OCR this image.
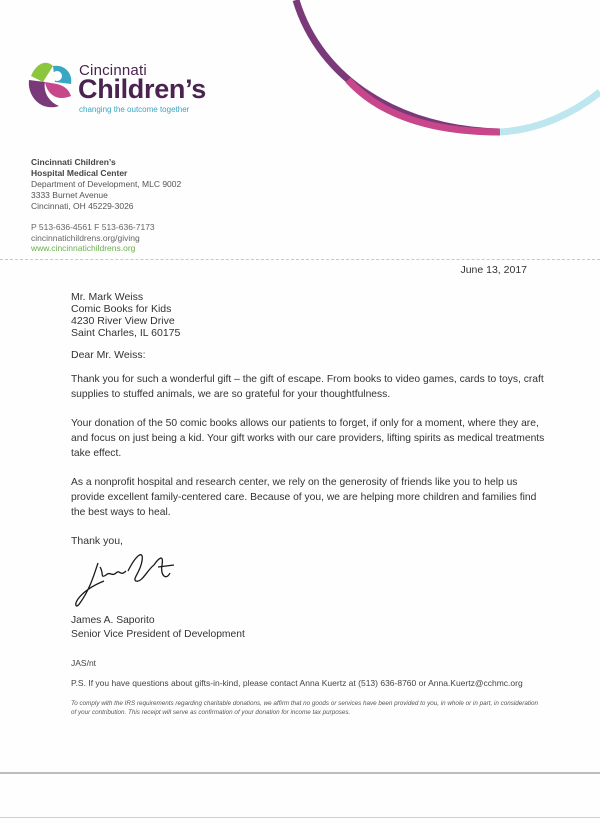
Cincinnati
Children’s
changing the outcome together
Cincinnati Children’s
Hospital Medical Center
Department of Development, MLC 9002
3333 Burnet Avenue
Cincinnati, OH 45229-3026
P 513-636-4561 F 513-636-7173
cincinnatichildrens.org/giving
www.cincinnatichildrens.org
June 13, 2017
Mr. Mark Weiss
Comic Books for Kids
4230 River View Drive
Saint Charles, IL 60175
Dear Mr. Weiss:

Thank you for such a wonderful gift – the gift of escape. From books to video games, cards to toys, craft supplies to stuffed animals, we are so grateful for your thoughtfulness.

Your donation of the 50 comic books allows our patients to forget, if only for a moment, where they are, and focus on just being a kid. Your gift works with our care providers, lifting spirits as medical treatments take effect.

As a nonprofit hospital and research center, we rely on the generosity of friends like you to help us provide excellent family-centered care. Because of you, we are helping more children and families find the best ways to heal.

Thank you,
James A. Saporito
Senior Vice President of Development
JAS/nt
P.S. If you have questions about gifts-in-kind, please contact Anna Kuertz at (513) 636-8760 or Anna.Kuertz@cchmc.org
To comply with the IRS requirements regarding charitable donations, we affirm that no goods or services have been provided to you, in whole or in part, in consideration of your contribution. This receipt will serve as confirmation of your donation for income tax purposes.
